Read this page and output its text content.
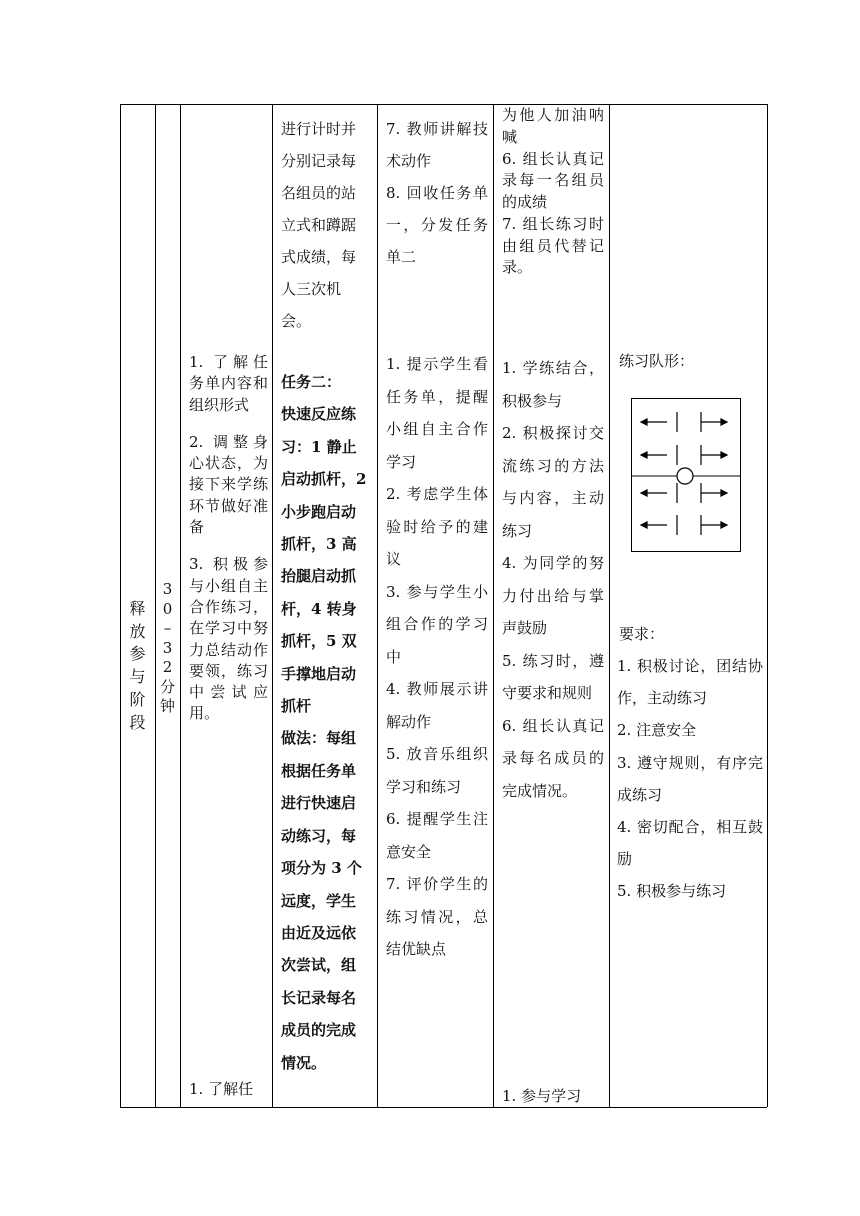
释
放
参
与
阶
段
3
0
–
3
2
分
钟

1. 了解任务单内容和组织形式

2. 调整身心状态，为接下来学练环节做好准备

3. 积极参与小组自主合作练习，在学习中努力总结动作要领，练习中尝试应用。

1. 了解任
进行计时并
分别记录每
名组员的站
立式和蹲踞
式成绩，每
人三次机
会。
任务二：
快速反应练
习：1 静止
启动抓杆，2
小步跑启动
抓杆，3 高
抬腿启动抓
杆，4 转身
抓杆，5 双
手撑地启动
抓杆
做法：每组
根据任务单
进行快速启
动练习，每
项分为 3 个
远度，学生
由近及远依
次尝试，组
长记录每名
成员的完成
情况。

7. 教师讲解技术动作

8. 回收任务单一，分发任务单二

1. 提示学生看任务单，提醒小组自主合作学习

2. 考虑学生体验时给予的建议

3. 参与学生小组合作的学习中

4. 教师展示讲解动作

5. 放音乐组织学习和练习

6. 提醒学生注意安全

7. 评价学生的练习情况，总结优缺点

为他人加油呐喊

6. 组长认真记录每一名组员的成绩

7. 组长练习时由组员代替记录。

1. 学练结合，积极参与

2. 积极探讨交流练习的方法与内容，主动练习

4. 为同学的努力付出给与掌声鼓励

5. 练习时，遵守要求和规则

6. 组长认真记录每名成员的完成情况。

1. 参与学习
练习队形：
要求：

1. 积极讨论，团结协作，主动练习

2. 注意安全

3. 遵守规则，有序完成练习

4. 密切配合，相互鼓励

5. 积极参与练习
